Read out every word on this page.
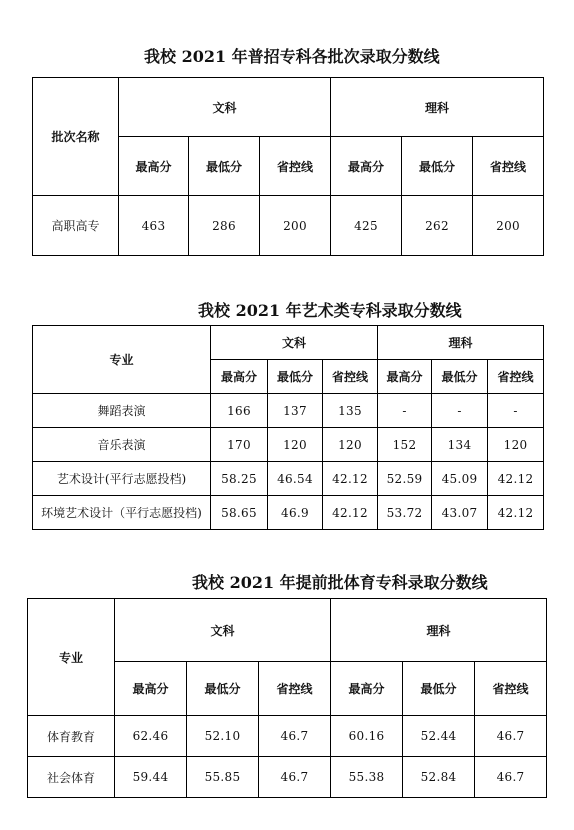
我校 2021 年普招专科各批次录取分数线
批次名称	文科			理科		
	最高分	最低分	省控线	最高分	最低分	省控线
高职高专	463	286	200	425	262	200
我校 2021 年艺术类专科录取分数线
专业	文科			理科		
	最高分	最低分	省控线	最高分	最低分	省控线
舞蹈表演	166	137	135	-	-	-
音乐表演	170	120	120	152	134	120
艺术设计(平行志愿投档)	58.25	46.54	42.12	52.59	45.09	42.12
环境艺术设计（平行志愿投档)	58.65	46.9	42.12	53.72	43.07	42.12
我校 2021 年提前批体育专科录取分数线
专业	文科			理科		
	最高分	最低分	省控线	最高分	最低分	省控线
体育教育	62.46	52.10	46.7	60.16	52.44	46.7
社会体育	59.44	55.85	46.7	55.38	52.84	46.7
